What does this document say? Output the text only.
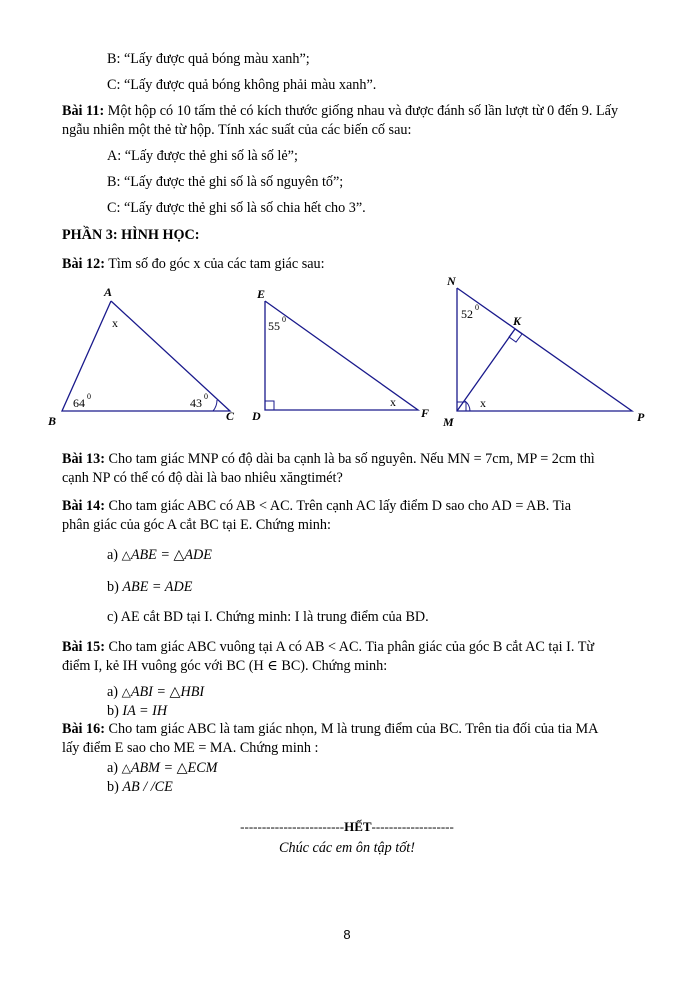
B: “Lấy được quả bóng màu xanh”;
C: “Lấy được quả bóng không phải màu xanh”.
Bài 11: Một hộp có 10 tấm thẻ có kích thước giống nhau và được đánh số lần lượt từ 0 đến 9. Lấy
ngẫu nhiên một thẻ từ hộp. Tính xác suất của các biến cố sau:
A: “Lấy được thẻ ghi số là số lẻ”;
B: “Lấy được thẻ ghi số là số nguyên tố”;
C: “Lấy được thẻ ghi số là số chia hết cho 3”.
PHẦN 3: HÌNH HỌC:
Bài 12: Tìm số đo góc x của các tam giác sau:
A
B	C
x
64 0	43 0
E
D	F
55 0
x
N
K
M	P
52 0
x
Bài 13: Cho tam giác MNP có độ dài ba cạnh là ba số nguyên. Nếu MN = 7cm, MP = 2cm thì
cạnh NP có thể có độ dài là bao nhiêu xăngtimét?
Bài 14: Cho tam giác ABC có AB < AC. Trên cạnh AC lấy điểm D sao cho AD = AB. Tia
phân giác của góc A cắt BC tại E. Chứng minh:
a) △ABE = △ADE
b) ABE = ADE
c) AE cắt BD tại I. Chứng minh: I là trung điểm của BD.
Bài 15: Cho tam giác ABC vuông tại A có AB < AC. Tia phân giác của góc B cắt AC tại I. Từ
điểm I, kẻ IH vuông góc với BC (H ∈ BC). Chứng minh:
a) △ABI = △HBI
b) IA = IH
Bài 16: Cho tam giác ABC là tam giác nhọn, M là trung điểm của BC. Trên tia đối của tia MA
lấy điểm E sao cho ME = MA. Chứng minh :
a) △ABM = △ECM
b) AB / /CE
------------------------HẾT-------------------
Chúc các em ôn tập tốt!
8
